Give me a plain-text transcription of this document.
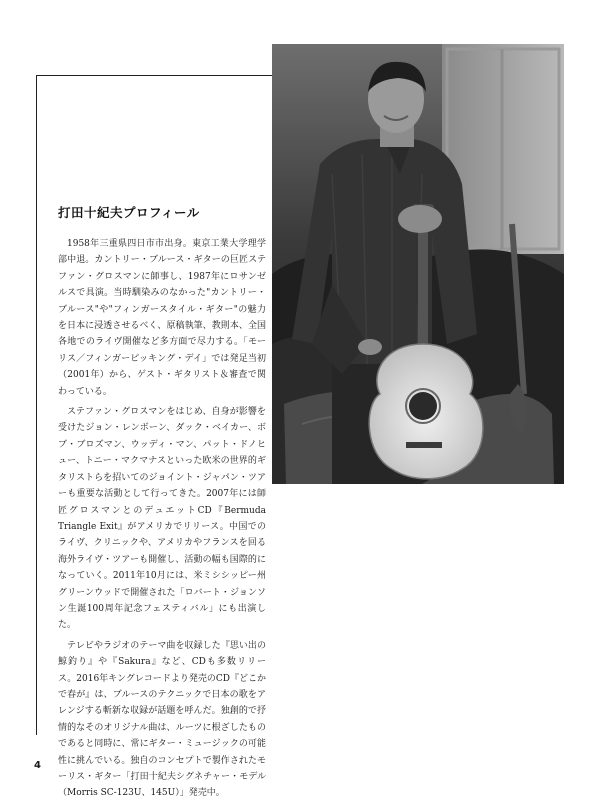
打田十紀夫プロフィール

1958年三重県四日市市出身。東京工業大学理学部中退。カントリー・ブルース・ギターの巨匠ステファン・グロスマンに師事し、1987年にロサンゼルスで具演。当時馴染みのなかった"カントリー・ブルース"や"フィンガースタイル・ギター"の魅力を日本に浸透させるべく、原稿執筆、教則本、全国各地でのライヴ開催など多方面で尽力する。「モーリス／フィンガーピッキング・デイ」では発足当初（2001年）から、ゲスト・ギタリスト＆審査で関わっている。

ステファン・グロスマンをはじめ、自身が影響を受けたジョン・レンボーン、ダック・ベイカー、ボブ・ブロズマン、ウッディ・マン、パット・ドノヒュー、トニー・マクマナスといった欧米の世界的ギタリストらを招いてのジョイント・ジャパン・ツアーも重要な活動として行ってきた。2007年には師匠グロスマンとのデュエットCD『Bermuda Triangle Exit』がアメリカでリリース。中国でのライヴ、クリニックや、アメリカやフランスを回る海外ライヴ・ツアーも開催し、活動の幅も国際的になっていく。2011年10月には、米ミシシッピー州グリーンウッドで開催された「ロバート・ジョンソン生誕100周年記念フェスティバル」にも出演した。

テレビやラジオのテーマ曲を収録した『思い出の鯨釣り』や『Sakura』など、CDも多数リリース。2016年キングレコードより発売のCD『どこかで春が』は、ブルースのテクニックで日本の歌をアレンジする斬新な収録が話題を呼んだ。独創的で抒情的なそのオリジナル曲は、ルーツに根ざしたものであると同時に、常にギター・ミュージックの可能性に挑んでいる。独自のコンセプトで製作されたモーリス・ギター「打田十紀夫シグネチャー・モデル（Morris SC-123U、145U）」発売中。

4
